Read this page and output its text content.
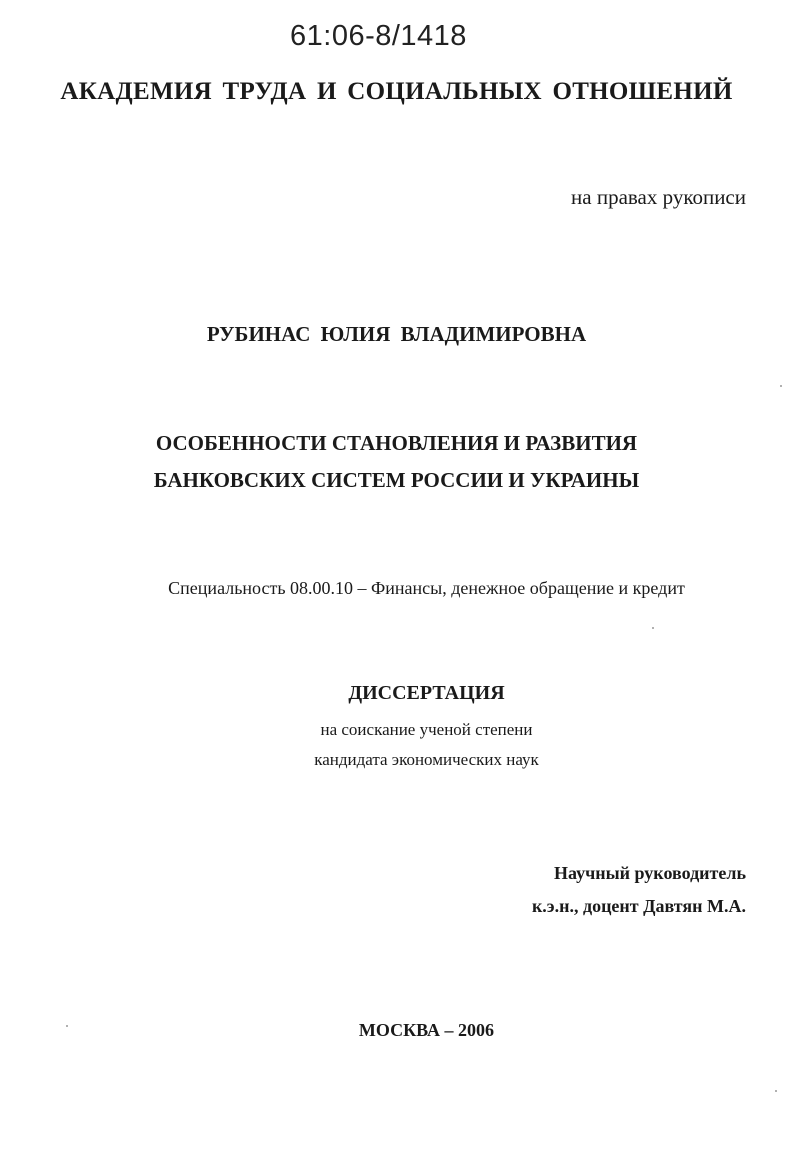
61:06-8/1418
АКАДЕМИЯ ТРУДА И СОЦИАЛЬНЫХ ОТНОШЕНИЙ
на правах рукописи
РУБИНАС ЮЛИЯ ВЛАДИМИРОВНА
ОСОБЕННОСТИ СТАНОВЛЕНИЯ И РАЗВИТИЯ
БАНКОВСКИХ СИСТЕМ РОССИИ И УКРАИНЫ
Специальность 08.00.10 – Финансы, денежное обращение и кредит
ДИССЕРТАЦИЯ
на соискание ученой степени
кандидата экономических наук
Научный руководитель
к.э.н., доцент Давтян М.А.
МОСКВА – 2006
